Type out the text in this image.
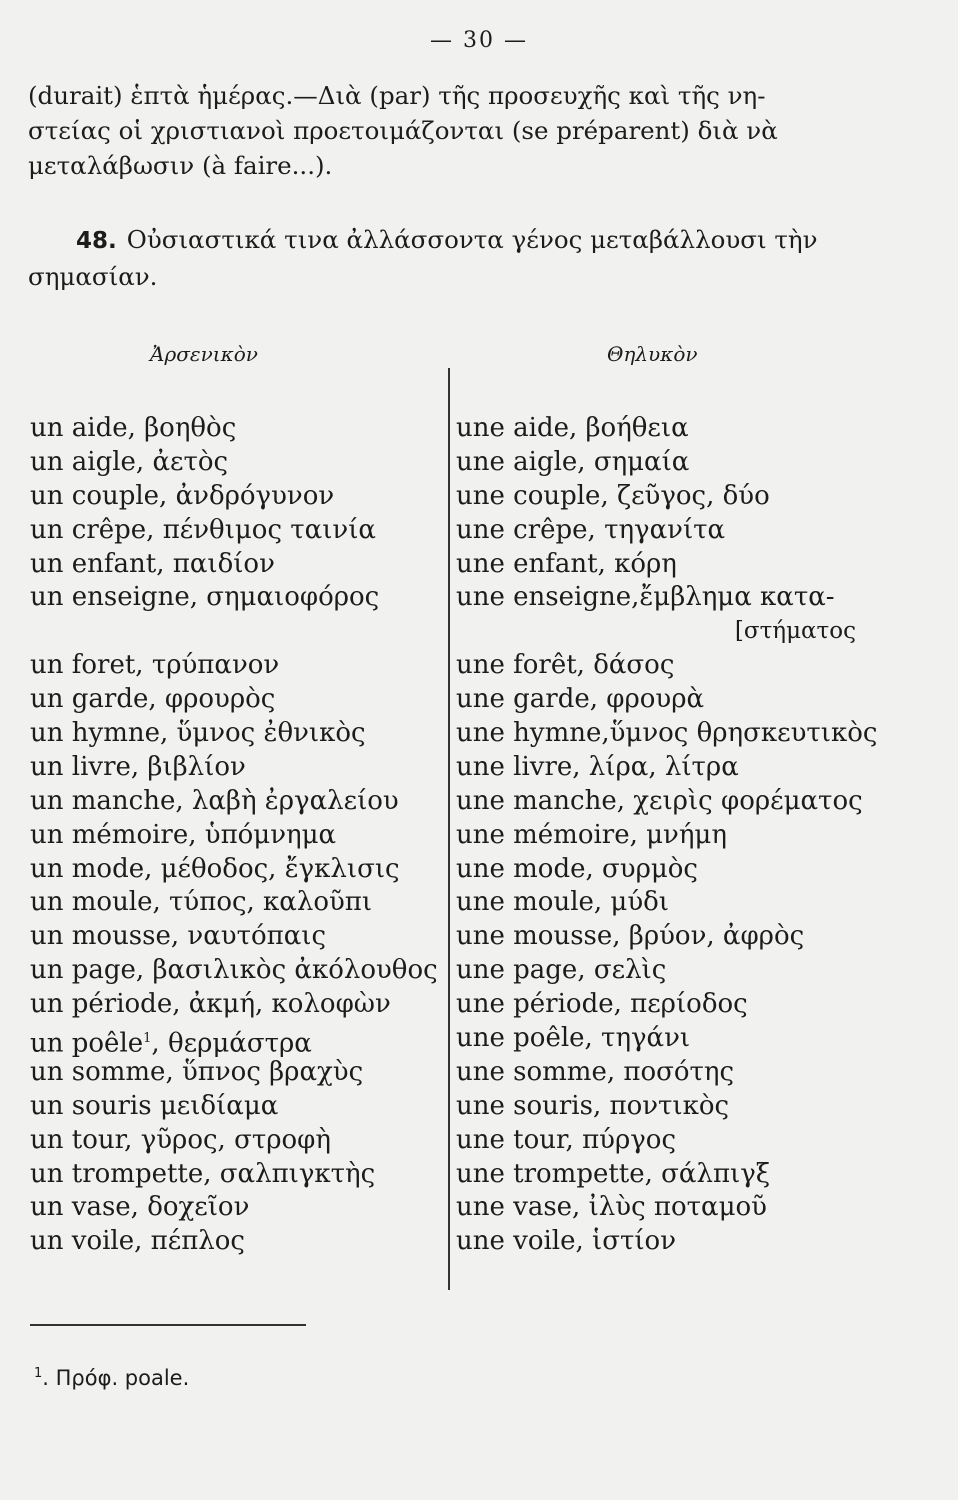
— 30 —

(durait) ἑπτὰ ἡμέρας.—Διὰ (par) τῆς προσευχῆς καὶ τῆς νη-

στείας οἱ χριστιανοὶ προετοιμάζονται (se préparent) διὰ νὰ

μεταλάβωσιν (à faire...).

48. Οὐσιαστικά τινα ἀλλάσσοντα γένος μεταβάλλουσι τὴν
σημασίαν.
Ἀρσενικὸν	Θηλυκὸν
un aide, βοηθὸς
un aigle, ἀετὸς
un couple, ἀνδρόγυνον
un crêpe, πένθιμος ταινία
un enfant, παιδίον
un enseigne, σημαιοφόρος
un foret, τρύπανον
un garde, φρουρὸς
un hymne, ὕμνος ἐθνικὸς
un livre, βιβλίον
un manche, λαβὴ ἐργαλείου
un mémoire, ὑπόμνημα
un mode, μέθοδος, ἔγκλισις
un moule, τύπος, καλοῦπι
un mousse, ναυτόπαις
un page, βασιλικὸς ἀκόλουθος
un période, ἀκμή, κολοφὼν
un poêle$^1$, θερμάστρα
un somme, ὕπνος βραχὺς
un souris μειδίαμα
un tour, γῦρος, στροφὴ
un trompette, σαλπιγκτὴς
un vase, δοχεῖον
un voile, πέπλος
une aide, βοήθεια
une aigle, σημαία
une couple, ζεῦγος, δύο
une crêpe, τηγανίτα
une enfant, κόρη
une enseigne,ἔμβλημα κατα-
[στήματος
une forêt, δάσος
une garde, φρουρὰ
une hymne,ὕμνος θρησκευτικὸς
une livre, λίρα, λίτρα
une manche, χειρὶς φορέματος
une mémoire, μνήμη
une mode, συρμὸς
une moule, μύδι
une mousse, βρύον, ἀφρὸς
une page, σελὶς
une période, περίοδος
une poêle, τηγάνι
une somme, ποσότης
une souris, ποντικὸς
une tour, πύργος
une trompette, σάλπιγξ
une vase, ἰλὺς ποταμοῦ
une voile, ἱστίον
$^1$. Πρόφ. poale.
